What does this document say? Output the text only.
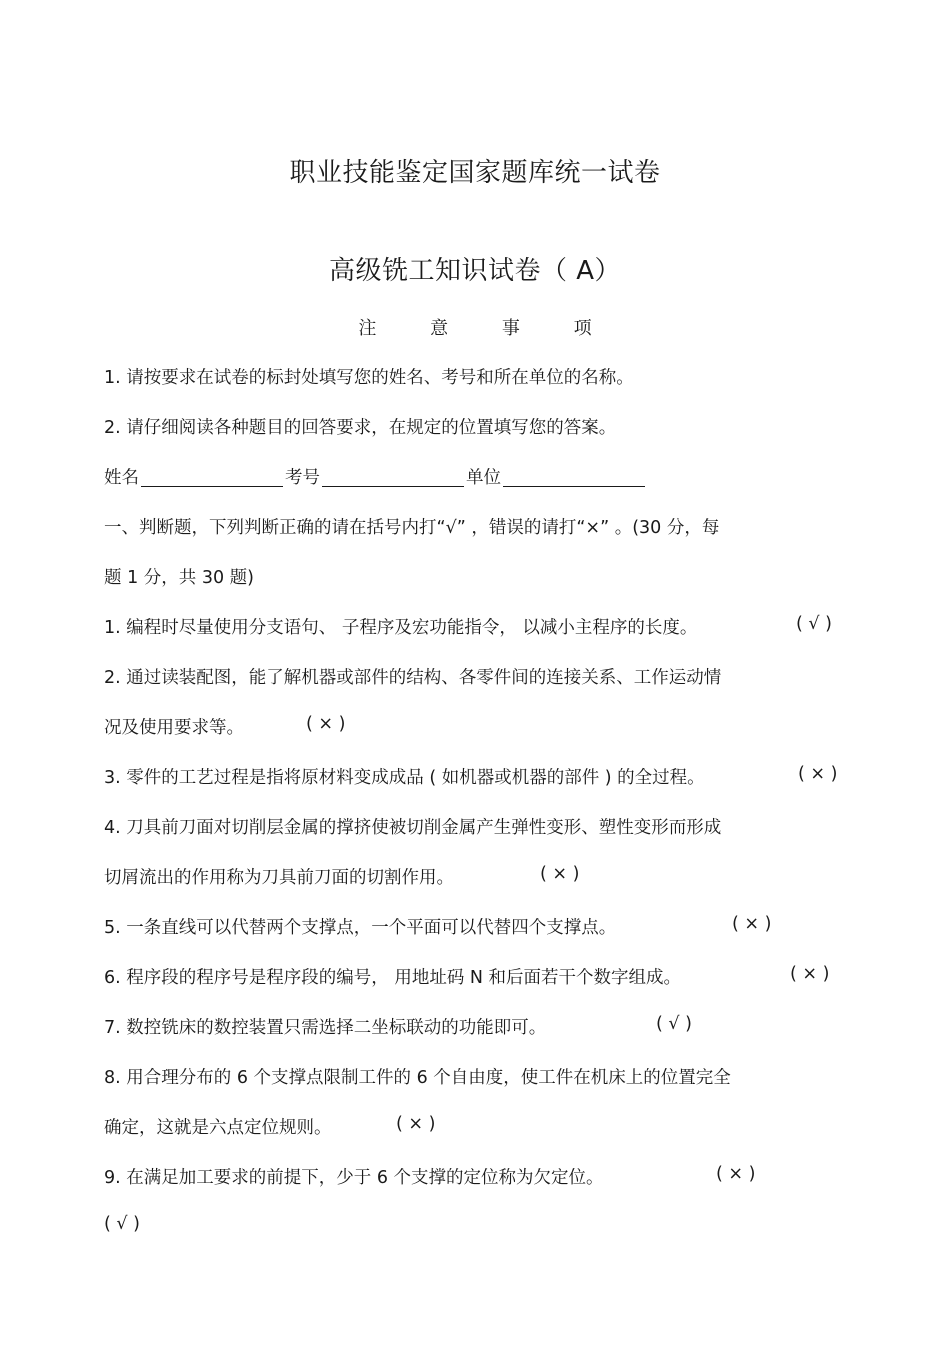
职业技能鉴定国家题库统一试卷
高级铣工知识试卷（ A）
注	意	事	项
1. 请按要求在试卷的标封处填写您的姓名、考号和所在单位的名称。
2. 请仔细阅读各种题目的回答要求，在规定的位置填写您的答案。
姓名	考号	单位
一、判断题，下列判断正确的请在括号内打“√” ，错误的请打“×” 。(30 分，每
题 1 分，共 30 题)
1. 编程时尽量使用分支语句、 子程序及宏功能指令， 以减小主程序的长度。	( √ )
2. 通过读装配图，能了解机器或部件的结构、各零件间的连接关系、工作运动情
况及使用要求等。	( × )
3. 零件的工艺过程是指将原材料变成成品 ( 如机器或机器的部件 ) 的全过程。	( × )
4. 刀具前刀面对切削层金属的撑挤使被切削金属产生弹性变形、塑性变形而形成
切屑流出的作用称为刀具前刀面的切割作用。	( × )
5. 一条直线可以代替两个支撑点，一个平面可以代替四个支撑点。	( × )
6. 程序段的程序号是程序段的编号， 用地址码 N 和后面若干个数字组成。	( × )
7. 数控铣床的数控装置只需选择二坐标联动的功能即可。	( √ )
8. 用合理分布的 6 个支撑点限制工件的 6 个自由度，使工件在机床上的位置完全
确定，这就是六点定位规则。	( × )
9. 在满足加工要求的前提下，少于 6 个支撑的定位称为欠定位。	( × )
( √ )
